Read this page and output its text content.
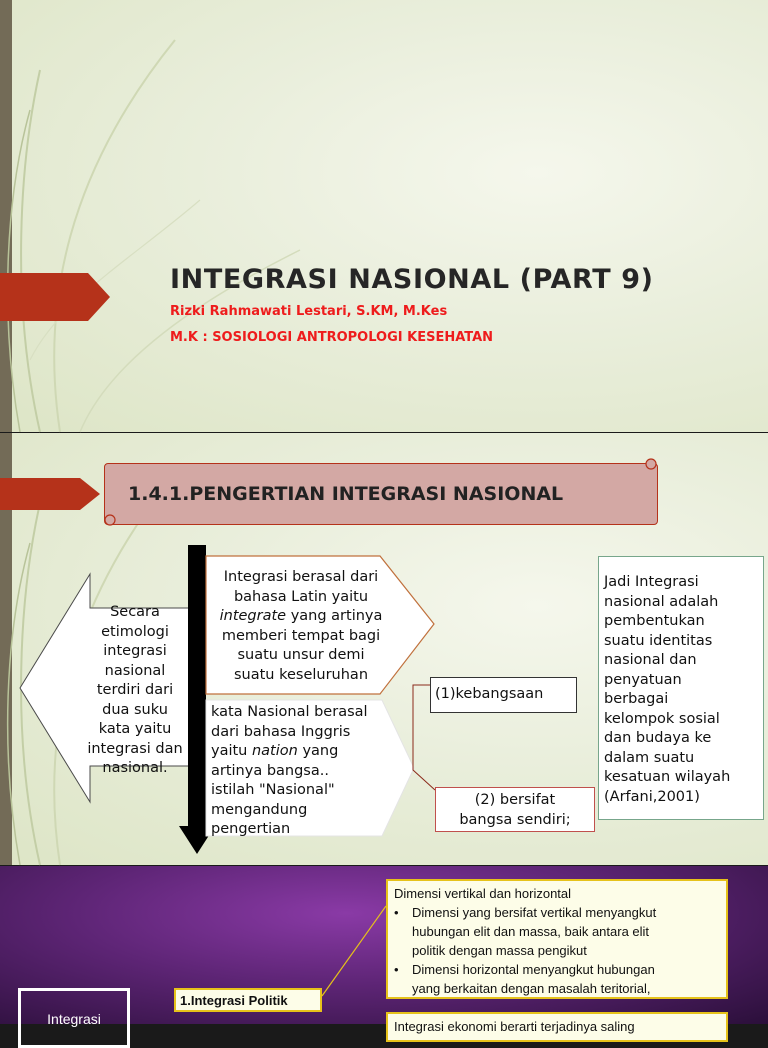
INTEGRASI NASIONAL (PART 9)
Rizki Rahmawati Lestari, S.KM, M.Kes
M.K : SOSIOLOGI ANTROPOLOGI KESEHATAN
1.4.1.PENGERTIAN INTEGRASI NASIONAL
Secara
etimologi
integrasi
nasional
terdiri dari
dua suku
kata yaitu
integrasi dan
nasional.
Integrasi berasal dari
bahasa Latin yaitu
integrate yang artinya
memberi tempat bagi
suatu unsur demi
suatu keseluruhan
kata Nasional berasal
dari bahasa Inggris
yaitu nation yang
artinya bangsa..
istilah "Nasional"
mengandung
pengertian
(1)kebangsaan
(2) bersifat
bangsa sendiri;
Jadi Integrasi
nasional adalah
pembentukan
suatu identitas
nasional dan
penyatuan
berbagai
kelompok sosial
dan budaya ke
dalam suatu
kesatuan wilayah
(Arfani,2001)
Integrasi
1.Integrasi Politik
Dimensi vertikal dan horizontal
•	Dimensi yang bersifat vertikal menyangkut
hubungan elit dan massa, baik antara elit
politik dengan massa pengikut
•	Dimensi horizontal menyangkut hubungan
yang berkaitan dengan masalah teritorial,
Integrasi ekonomi berarti terjadinya saling
